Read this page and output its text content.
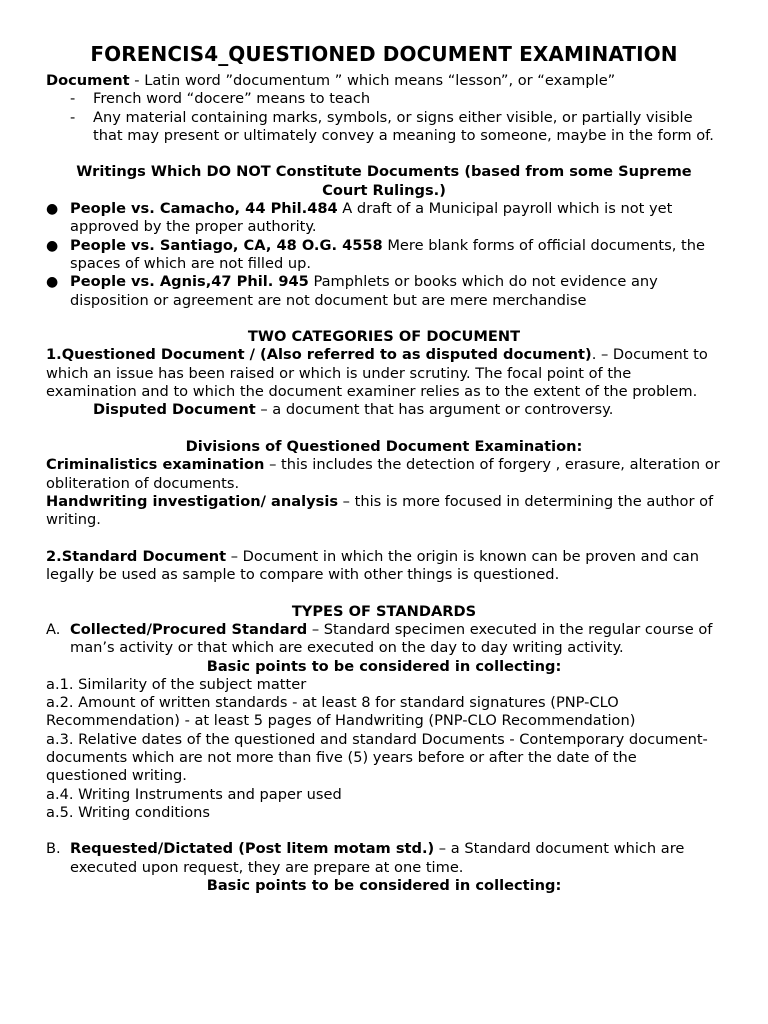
FORENCIS4_QUESTIONED DOCUMENT EXAMINATION

Document - Latin word ”documentum ” which means “lesson”, or “example”

- French word “docere” means to teach
- Any material containing marks, symbols, or signs either visible, or partially visible that may present or ultimately convey a meaning to someone, maybe in the form of.

Writings Which DO NOT Constitute Documents (based from some Supreme Court Rulings.)

● People vs. Camacho, 44 Phil.484 A draft of a Municipal payroll which is not yet approved by the proper authority.
● People vs. Santiago, CA, 48 O.G. 4558 Mere blank forms of official documents, the spaces of which are not filled up.
● People vs. Agnis,47 Phil. 945 Pamphlets or books which do not evidence any disposition or agreement are not document but are mere merchandise

TWO CATEGORIES OF DOCUMENT

1.Questioned Document / (Also referred to as disputed document). – Document to which an issue has been raised or which is under scrutiny. The focal point of the examination and to which the document examiner relies as to the extent of the problem.

Disputed Document – a document that has argument or controversy.

Divisions of Questioned Document Examination:

Criminalistics examination – this includes the detection of forgery , erasure, alteration or obliteration of documents.

Handwriting investigation/ analysis – this is more focused in determining the author of writing.

2.Standard Document – Document in which the origin is known can be proven and can legally be used as sample to compare with other things is questioned.

TYPES OF STANDARDS

A. Collected/Procured Standard – Standard specimen executed in the regular course of man’s activity or that which are executed on the day to day writing activity.

Basic points to be considered in collecting:

a.1. Similarity of the subject matter

a.2. Amount of written standards - at least 8 for standard signatures (PNP-CLO Recommendation) - at least 5 pages of Handwriting (PNP-CLO Recommendation)

a.3. Relative dates of the questioned and standard Documents - Contemporary document- documents which are not more than five (5) years before or after the date of the questioned writing.

a.4. Writing Instruments and paper used

a.5. Writing conditions

B. Requested/Dictated (Post litem motam std.) – a Standard document which are executed upon request, they are prepare at one time.

Basic points to be considered in collecting:
